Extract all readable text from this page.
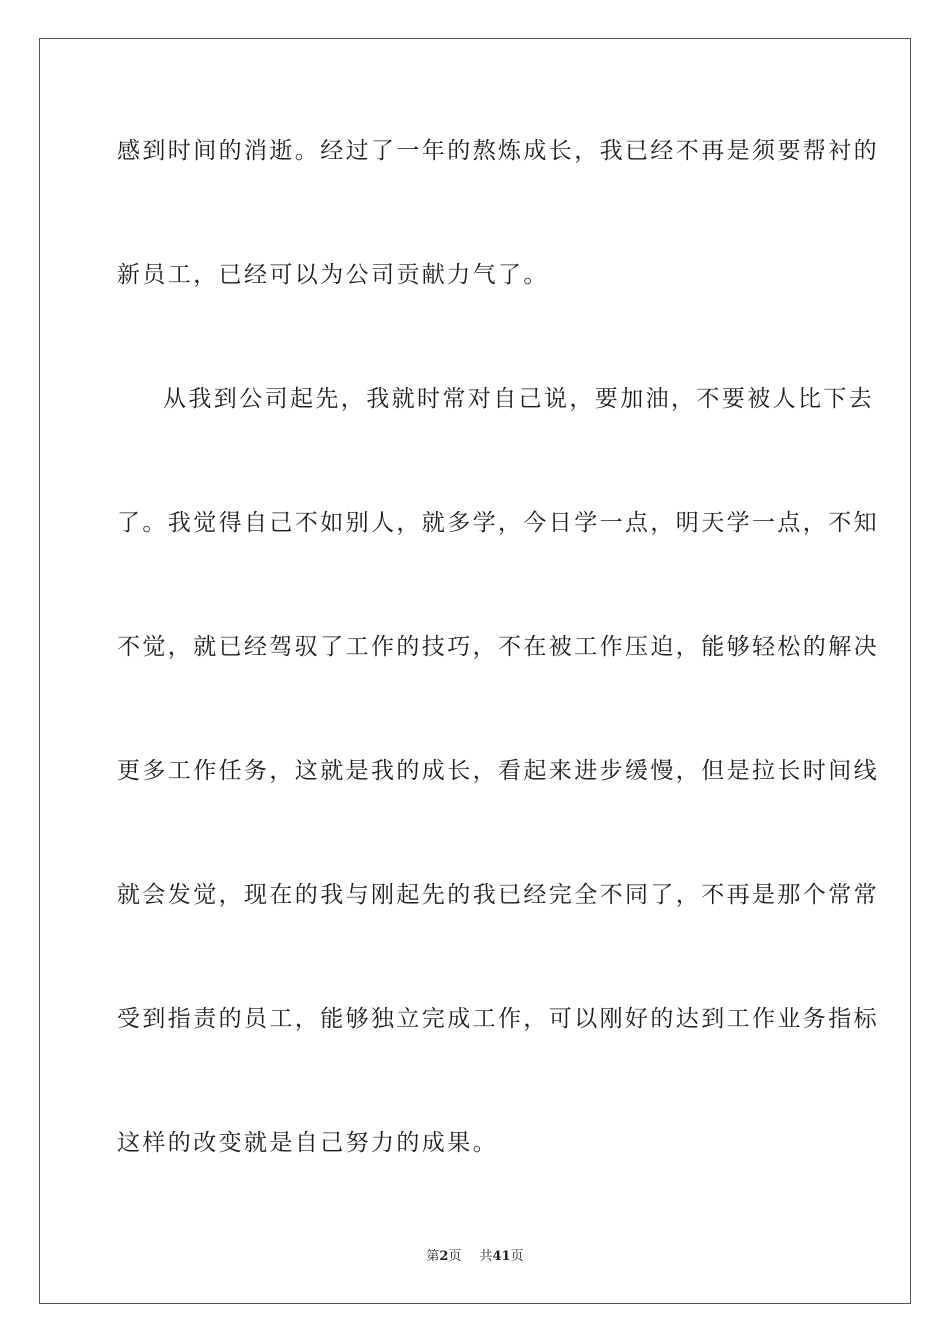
感到时间的消逝。经过了一年的熬炼成长，我已经不再是须要帮衬的
新员工，已经可以为公司贡献力气了。
从我到公司起先，我就时常对自己说，要加油，不要被人比下去
了。我觉得自己不如别人，就多学，今日学一点，明天学一点，不知
不觉，就已经驾驭了工作的技巧，不在被工作压迫，能够轻松的解决
更多工作任务，这就是我的成长，看起来进步缓慢，但是拉长时间线
就会发觉，现在的我与刚起先的我已经完全不同了，不再是那个常常
受到指责的员工，能够独立完成工作，可以刚好的达到工作业务指标
这样的改变就是自己努力的成果。
第2页 共41页
